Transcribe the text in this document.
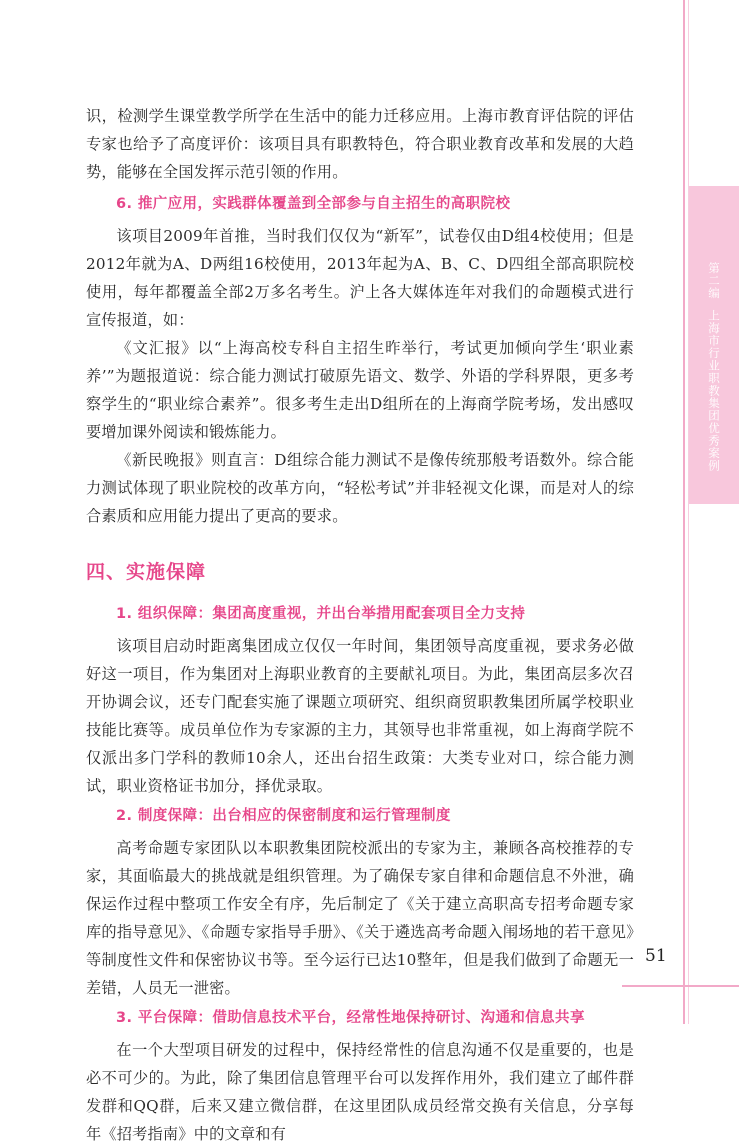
第二编上海市行业职教集团优秀案例

识，检测学生课堂教学所学在生活中的能力迁移应用。上海市教育评估院的评估专家也给予了高度评价：该项目具有职教特色，符合职业教育改革和发展的大趋势，能够在全国发挥示范引领的作用。

6. 推广应用，实践群体覆盖到全部参与自主招生的高职院校

该项目2009年首推，当时我们仅仅为“新军”，试卷仅由D组4校使用；但是2012年就为A、D两组16校使用，2013年起为A、B、C、D四组全部高职院校使用，每年都覆盖全部2万多名考生。沪上各大媒体连年对我们的命题模式进行宣传报道，如：

《文汇报》以“上海高校专科自主招生昨举行，考试更加倾向学生‘职业素养’”为题报道说：综合能力测试打破原先语文、数学、外语的学科界限，更多考察学生的“职业综合素养”。很多考生走出D组所在的上海商学院考场，发出感叹要增加课外阅读和锻炼能力。

《新民晚报》则直言：D组综合能力测试不是像传统那般考语数外。综合能力测试体现了职业院校的改革方向，“轻松考试”并非轻视文化课，而是对人的综合素质和应用能力提出了更高的要求。

四、实施保障

1. 组织保障：集团高度重视，并出台举措用配套项目全力支持

该项目启动时距离集团成立仅仅一年时间，集团领导高度重视，要求务必做好这一项目，作为集团对上海职业教育的主要献礼项目。为此，集团高层多次召开协调会议，还专门配套实施了课题立项研究、组织商贸职教集团所属学校职业技能比赛等。成员单位作为专家源的主力，其领导也非常重视，如上海商学院不仅派出多门学科的教师10余人，还出台招生政策：大类专业对口，综合能力测试，职业资格证书加分，择优录取。

2. 制度保障：出台相应的保密制度和运行管理制度

高考命题专家团队以本职教集团院校派出的专家为主，兼顾各高校推荐的专家，其面临最大的挑战就是组织管理。为了确保专家自律和命题信息不外泄，确保运作过程中整项工作安全有序，先后制定了《关于建立高职高专招考命题专家库的指导意见》、《命题专家指导手册》、《关于遴选高考命题入闱场地的若干意见》等制度性文件和保密协议书等。至今运行已达10整年，但是我们做到了命题无一差错，人员无一泄密。

3. 平台保障：借助信息技术平台，经常性地保持研讨、沟通和信息共享

在一个大型项目研发的过程中，保持经常性的信息沟通不仅是重要的，也是必不可少的。为此，除了集团信息管理平台可以发挥作用外，我们建立了邮件群发群和QQ群，后来又建立微信群，在这里团队成员经常交换有关信息，分享每年《招考指南》中的文章和有

51
